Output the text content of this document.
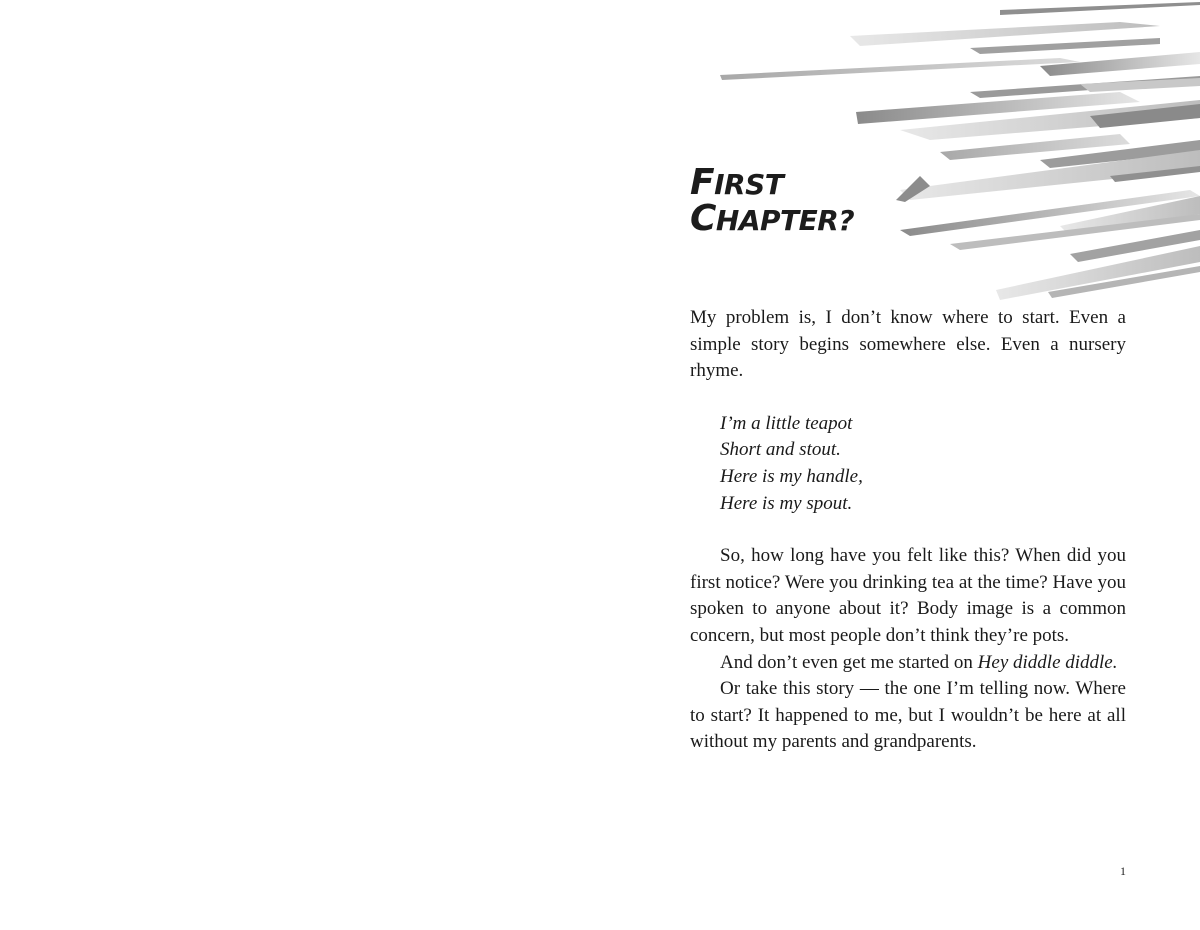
FIRST
CHAPTER?

My problem is, I don’t know where to start. Even a simple story begins somewhere else. Even a nursery rhyme.

I’m a little teapot
Short and stout.
Here is my handle,
Here is my spout.

So, how long have you felt like this? When did you first notice? Were you drinking tea at the time? Have you spoken to anyone about it? Body image is a common concern, but most people don’t think they’re pots.

And don’t even get me started on Hey diddle diddle.

Or take this story — the one I’m telling now. Where to start? It happened to me, but I wouldn’t be here at all without my parents and grandparents.

1
